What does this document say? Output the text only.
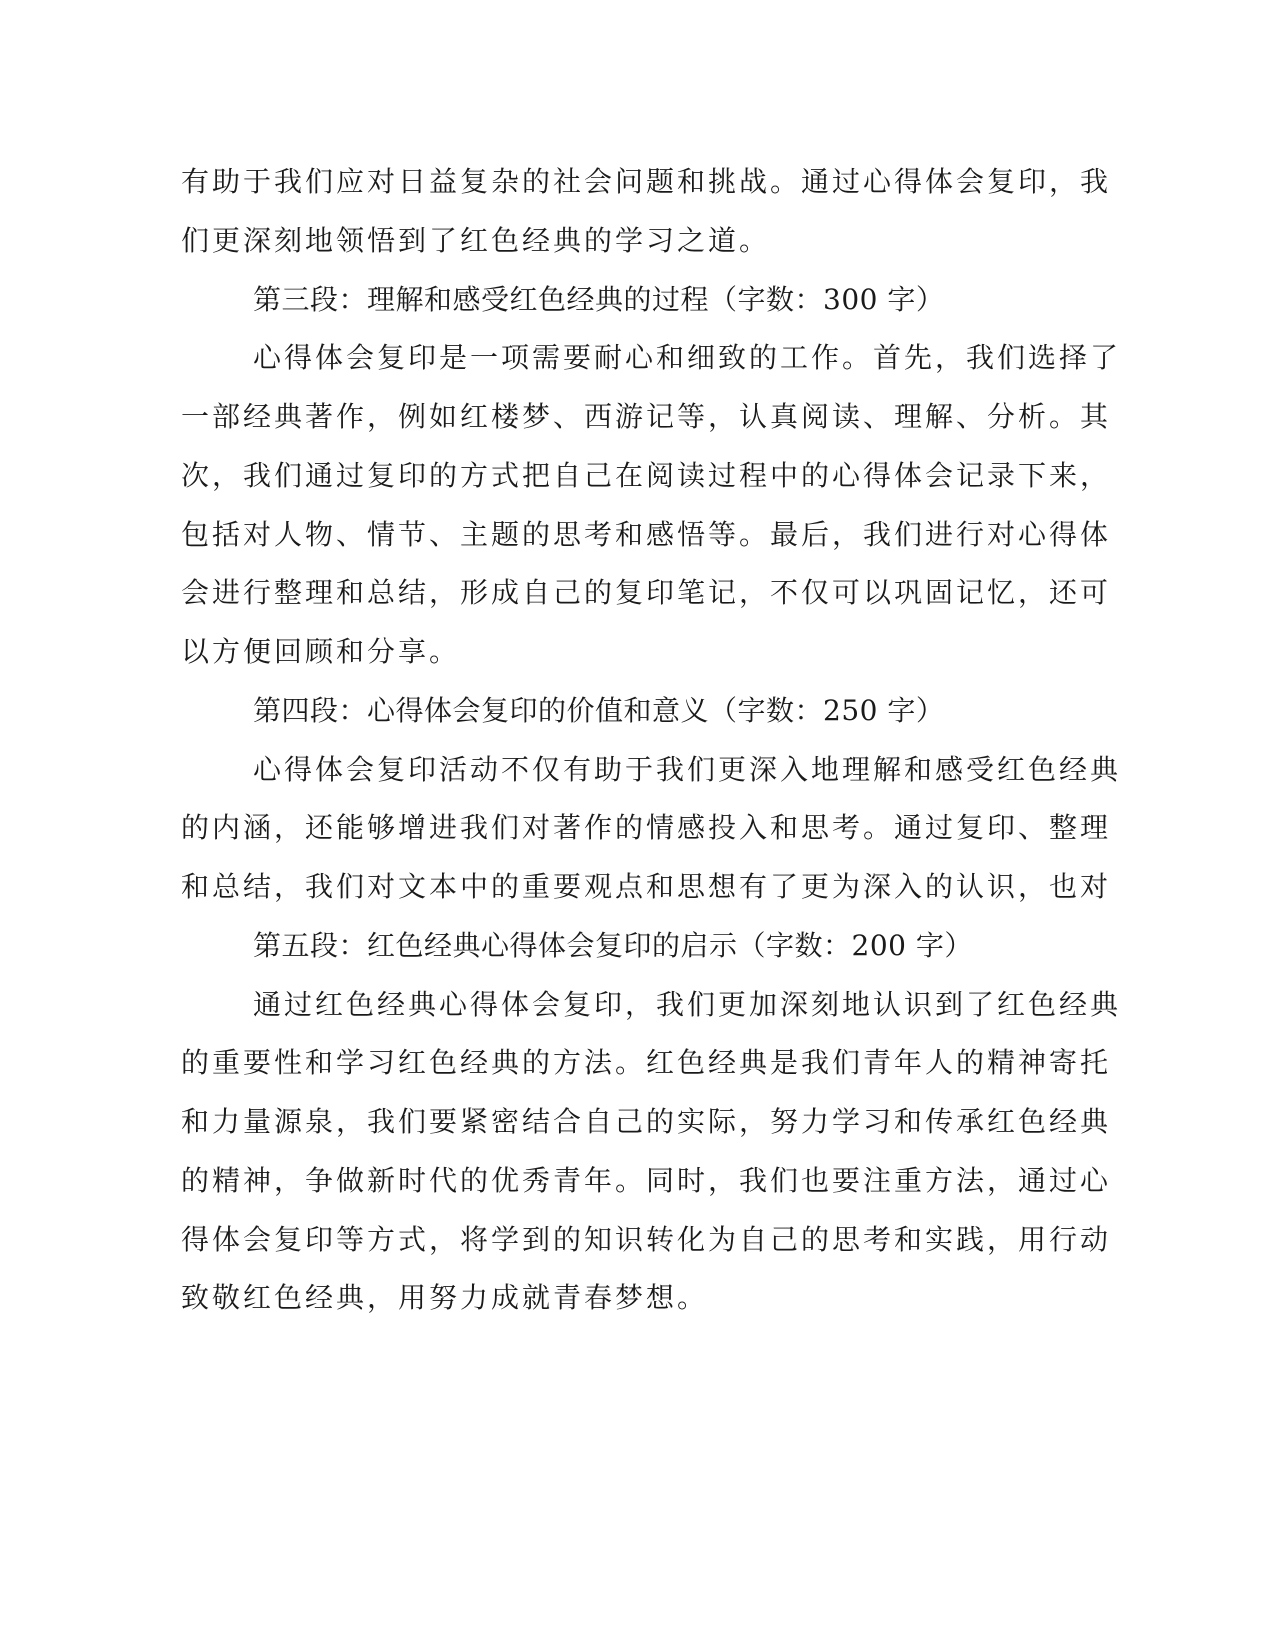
有助于我们应对日益复杂的社会问题和挑战。通过心得体会复印，我
们更深刻地领悟到了红色经典的学习之道。
第三段：理解和感受红色经典的过程（字数：300 字）
心得体会复印是一项需要耐心和细致的工作。首先，我们选择了
一部经典著作，例如红楼梦、西游记等，认真阅读、理解、分析。其
次，我们通过复印的方式把自己在阅读过程中的心得体会记录下来，
包括对人物、情节、主题的思考和感悟等。最后，我们进行对心得体
会进行整理和总结，形成自己的复印笔记，不仅可以巩固记忆，还可
以方便回顾和分享。
第四段：心得体会复印的价值和意义（字数：250 字）
心得体会复印活动不仅有助于我们更深入地理解和感受红色经典
的内涵，还能够增进我们对著作的情感投入和思考。通过复印、整理
和总结，我们对文本中的重要观点和思想有了更为深入的认识，也对
第五段：红色经典心得体会复印的启示（字数：200 字）
通过红色经典心得体会复印，我们更加深刻地认识到了红色经典
的重要性和学习红色经典的方法。红色经典是我们青年人的精神寄托
和力量源泉，我们要紧密结合自己的实际，努力学习和传承红色经典
的精神，争做新时代的优秀青年。同时，我们也要注重方法，通过心
得体会复印等方式，将学到的知识转化为自己的思考和实践，用行动
致敬红色经典，用努力成就青春梦想。
